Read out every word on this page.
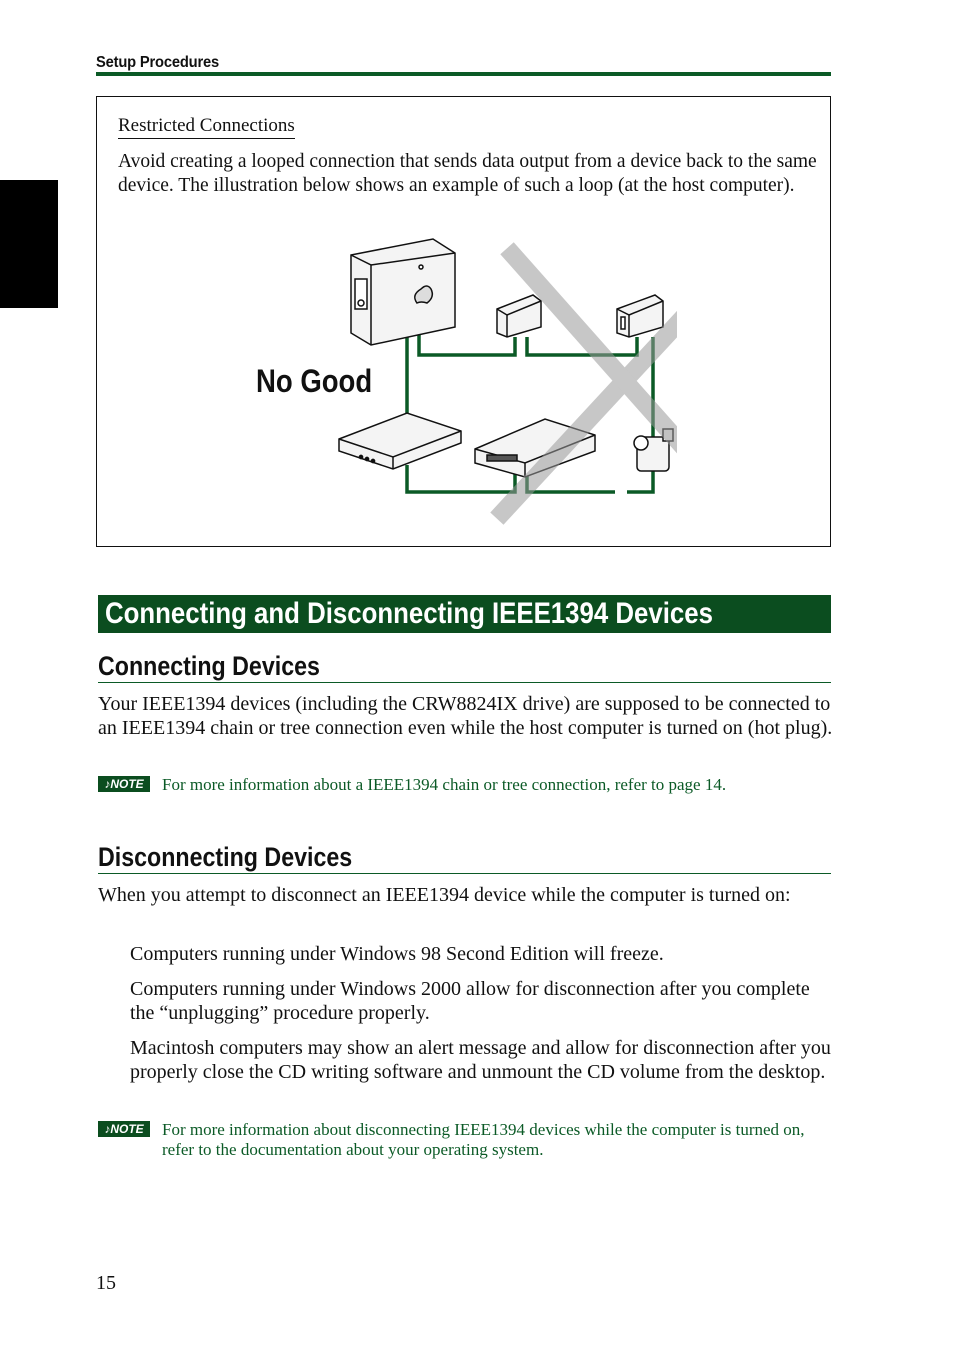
Setup Procedures
Restricted Connections

Avoid creating a looped connection that sends data output from a device back to the same device. The illustration below shows an example of such a loop (at the host computer).

No Good
Connecting and Disconnecting IEEE1394 Devices
Connecting Devices

Your IEEE1394 devices (including the CRW8824IX drive) are supposed to be connected to an IEEE1394 chain or tree connection even while the host computer is turned on (hot plug).

♪NOTE	For more information about a IEEE1394 chain or tree connection, refer to page 14.

Disconnecting Devices

When you attempt to disconnect an IEEE1394 device while the computer is turned on:

Computers running under Windows 98 Second Edition will freeze.

Computers running under Windows 2000 allow for disconnection after you complete the “unplugging” procedure properly.

Macintosh computers may show an alert message and allow for disconnection after you properly close the CD writing software and unmount the CD volume from the desktop.

♪NOTE	For more information about disconnecting IEEE1394 devices while the computer is turned on, refer to the documentation about your operating system.

15
